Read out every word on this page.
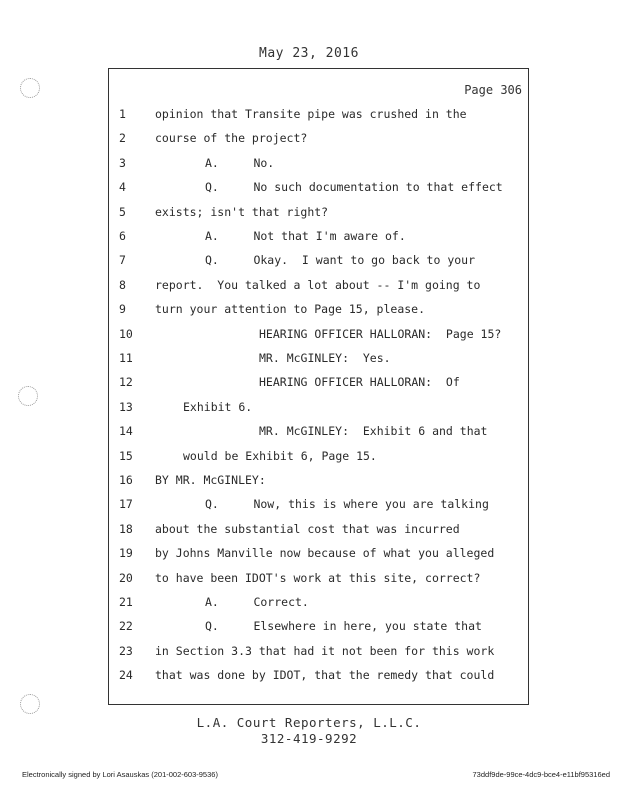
May 23, 2016
Page 306
1	opinion that Transite pipe was crushed in the
2	course of the project?
3	A.     No.
4	Q.     No such documentation to that effect
5	exists; isn't that right?
6	A.     Not that I'm aware of.
7	Q.     Okay.  I want to go back to your
8	report.  You talked a lot about -- I'm going to
9	turn your attention to Page 15, please.
10	HEARING OFFICER HALLORAN:  Page 15?
11	MR. McGINLEY:  Yes.
12	HEARING OFFICER HALLORAN:  Of
13	Exhibit 6.
14	MR. McGINLEY:  Exhibit 6 and that
15	would be Exhibit 6, Page 15.
16	BY MR. McGINLEY:
17	Q.     Now, this is where you are talking
18	about the substantial cost that was incurred
19	by Johns Manville now because of what you alleged
20	to have been IDOT's work at this site, correct?
21	A.     Correct.
22	Q.     Elsewhere in here, you state that
23	in Section 3.3 that had it not been for this work
24	that was done by IDOT, that the remedy that could
L.A. Court Reporters, L.L.C.
312-419-9292
Electronically signed by Lori Asauskas (201-002-603-9536)	73ddf9de-99ce-4dc9-bce4-e11bf95316ed
